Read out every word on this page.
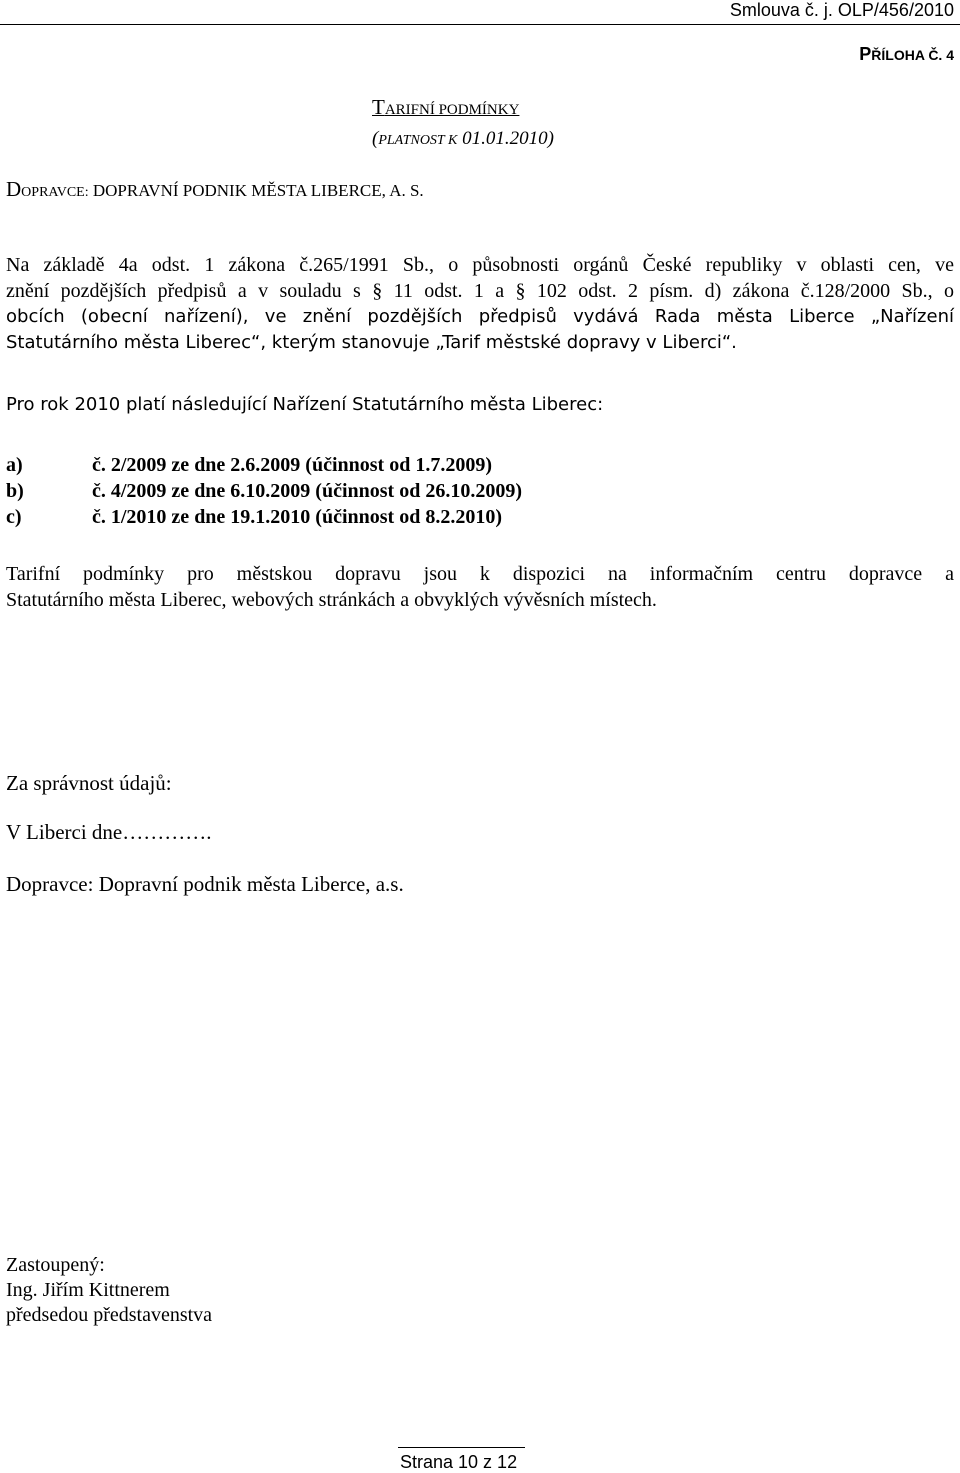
Smlouva č. j. OLP/456/2010
PŘÍLOHA Č. 4
TARIFNÍ PODMÍNKY
(PLATNOST K 01.01.2010)
DOPRAVCE: DOPRAVNÍ PODNIK MĚSTA LIBERCE, A. S.
Na základě 4a odst. 1 zákona č.265/1991 Sb., o působnosti orgánů České republiky v oblasti cen, ve
znění pozdějších předpisů a v souladu s § 11 odst. 1 a § 102 odst. 2 písm. d) zákona č.128/2000 Sb., o
obcích (obecní nařízení), ve znění pozdějších předpisů vydává Rada města Liberce „Nařízení
Statutárního města Liberec“, kterým stanovuje „Tarif městské dopravy v Liberci“.
Pro rok 2010 platí následující Nařízení Statutárního města Liberec:
a)	č. 2/2009 ze dne 2.6.2009 (účinnost od 1.7.2009)
b)	č. 4/2009 ze dne 6.10.2009 (účinnost od 26.10.2009)
c)	č. 1/2010 ze dne 19.1.2010 (účinnost od 8.2.2010)
Tarifní podmínky pro městskou dopravu jsou k dispozici na informačním centru dopravce a
Statutárního města Liberec, webových stránkách a obvyklých vývěsních místech.
Za správnost údajů:
V Liberci dne………….
Dopravce: Dopravní podnik města Liberce, a.s.
Zastoupený:
Ing. Jiřím Kittnerem
předsedou představenstva
Strana 10 z 12
